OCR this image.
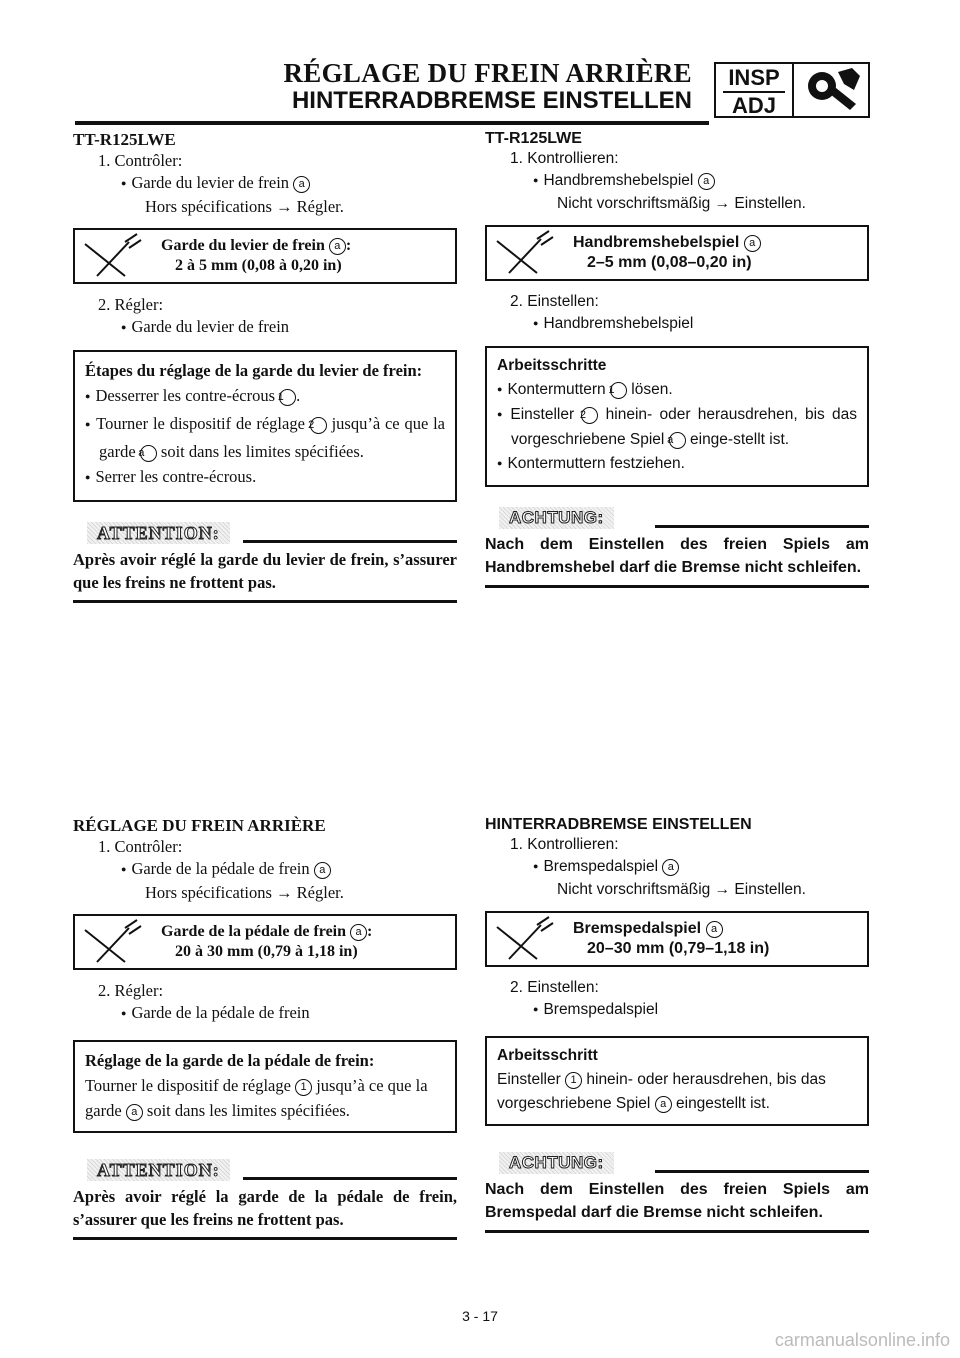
RÉGLAGE DU FREIN ARRIÈRE
HINTERRADBREMSE EINSTELLEN
INSP
ADJ
TT-R125LWE
1. Contrôler:
● Garde du levier de frein a
Hors spécifications → Régler.
Garde du levier de frein a :
2 à 5 mm (0,08 à 0,20 in)
2. Régler:
● Garde du levier de frein
Étapes du réglage de la garde du levier de frein:
● Desserrer les contre-écrous 1 .
● Tourner le dispositif de réglage 2 jusqu’à ce que la garde a soit dans les limites spécifiées.
● Serrer les contre-écrous.
ATTENTION:
Après avoir réglé la garde du levier de frein, s’assurer que les freins ne frottent pas.
TT-R125LWE
1. Kontrollieren:
● Handbremshebelspiel a
Nicht vorschriftsmäßig → Einstellen.
Handbremshebelspiel a
2–5 mm (0,08–0,20 in)
2. Einstellen:
● Handbremshebelspiel
Arbeitsschritte
● Kontermuttern 1 lösen.
● Einsteller 2 hinein- oder herausdrehen, bis das vorgeschriebene Spiel a einge-stellt ist.
● Kontermuttern festziehen.
ACHTUNG:
Nach dem Einstellen des freien Spiels am Handbremshebel darf die Bremse nicht schleifen.
RÉGLAGE DU FREIN ARRIÈRE
1. Contrôler:
● Garde de la pédale de frein a
Hors spécifications → Régler.
Garde de la pédale de frein a :
20 à 30 mm (0,79 à 1,18 in)
2. Régler:
● Garde de la pédale de frein
Réglage de la garde de la pédale de frein:
Tourner le dispositif de réglage 1 jusqu’à ce que la garde a soit dans les limites spécifiées.
ATTENTION:
Après avoir réglé la garde de la pédale de frein, s’assurer que les freins ne frottent pas.
HINTERRADBREMSE EINSTELLEN
1. Kontrollieren:
● Bremspedalspiel a
Nicht vorschriftsmäßig → Einstellen.
Bremspedalspiel a
20–30 mm (0,79–1,18 in)
2. Einstellen:
● Bremspedalspiel
Arbeitsschritt
Einsteller 1 hinein- oder herausdrehen, bis das vorgeschriebene Spiel a eingestellt ist.
ACHTUNG:
Nach dem Einstellen des freien Spiels am Bremspedal darf die Bremse nicht schleifen.
3 - 17
carmanualsonline.info
